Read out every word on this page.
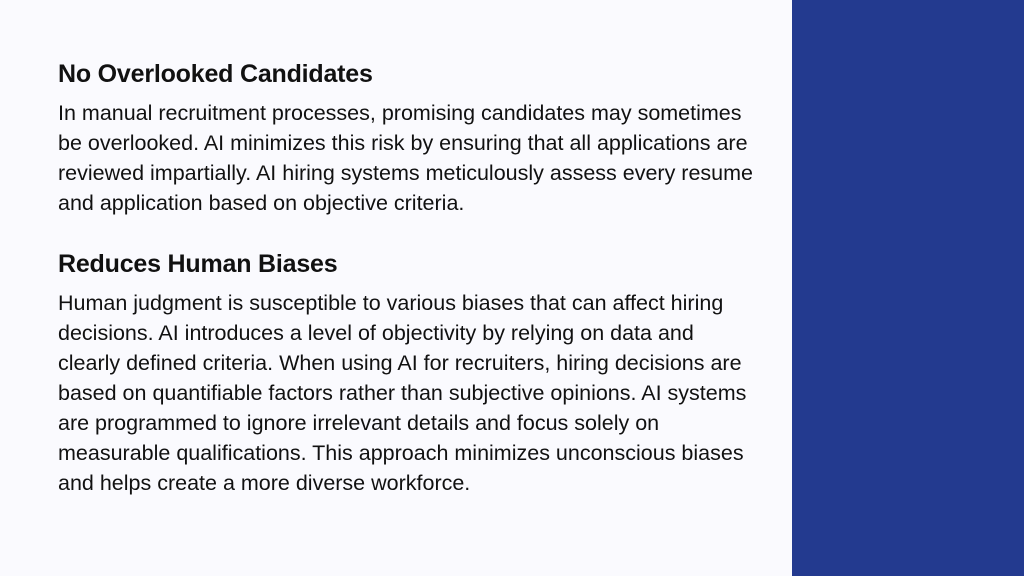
No Overlooked Candidates

In manual recruitment processes, promising candidates may sometimes be overlooked. AI minimizes this risk by ensuring that all applications are reviewed impartially. AI hiring systems meticulously assess every resume and application based on objective criteria.

Reduces Human Biases

Human judgment is susceptible to various biases that can affect hiring decisions. AI introduces a level of objectivity by relying on data and clearly defined criteria. When using AI for recruiters, hiring decisions are based on quantifiable factors rather than subjective opinions. AI systems are programmed to ignore irrelevant details and focus solely on measurable qualifications. This approach minimizes unconscious biases and helps create a more diverse workforce.
